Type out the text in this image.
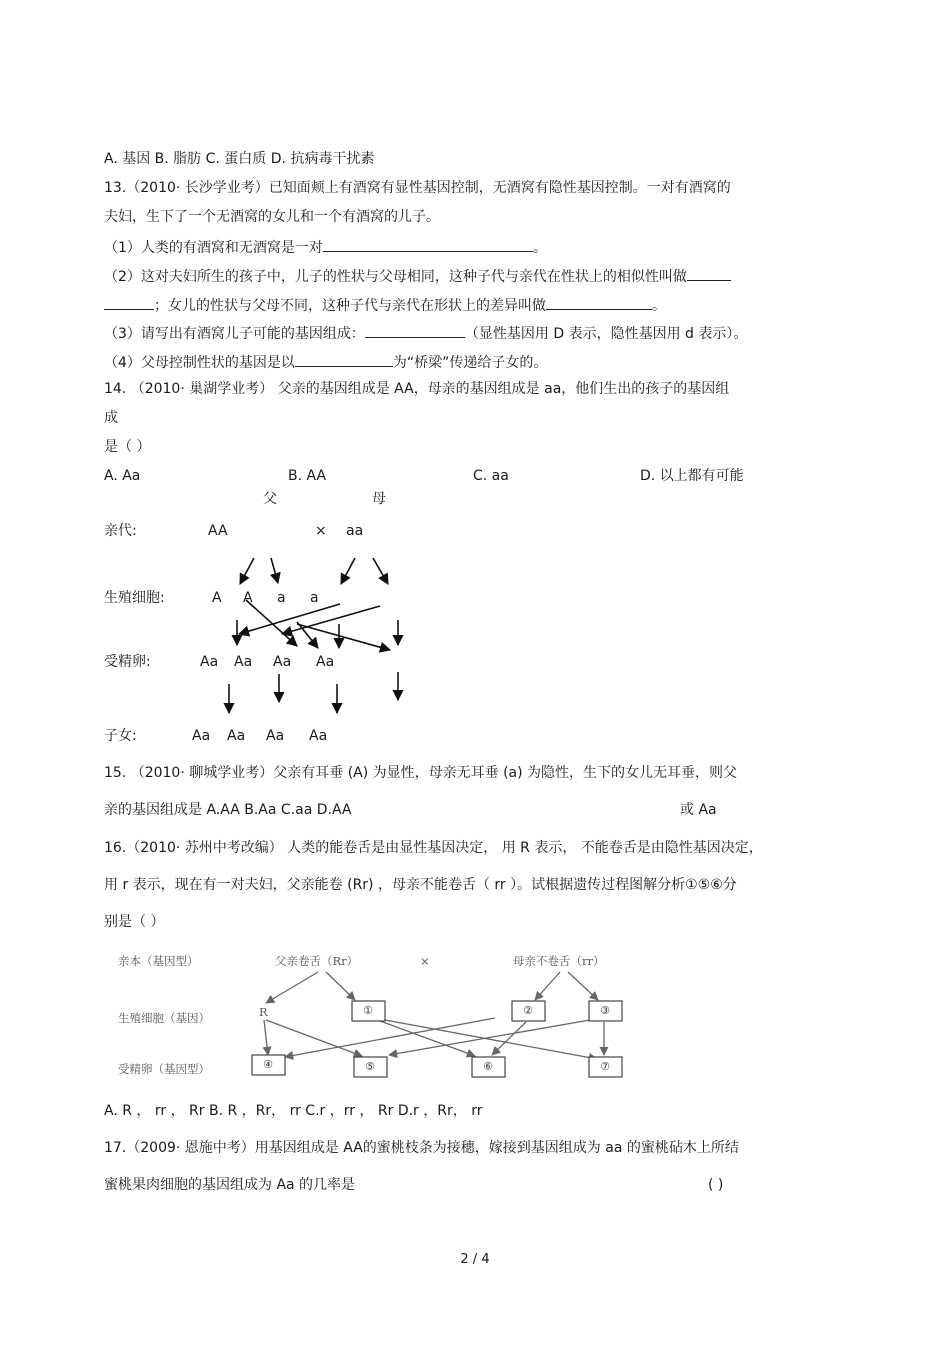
A. 基因 B. 脂肪 C. 蛋白质 D. 抗病毒干扰素
13.（2010· 长沙学业考）已知面颊上有酒窝有显性基因控制，无酒窝有隐性基因控制。一对有酒窝的
夫妇，生下了一个无酒窝的女儿和一个有酒窝的儿子。
（1）人类的有酒窝和无酒窝是一对	。
（2）这对夫妇所生的孩子中，儿子的性状与父母相同，这种子代与亲代在性状上的相似性叫做
；女儿的性状与父母不同，这种子代与亲代在形状上的差异叫做	。
（3）请写出有酒窝儿子可能的基因组成：	（显性基因用 D 表示，隐性基因用 d 表示）。
（4）父母控制性状的基因是以	为“桥梁”传递给子女的。
14. （2010· 巢湖学业考） 父亲的基因组成是 AA，母亲的基因组成是 aa，他们生出的孩子的基因组
成
是（ ）
A. Aa	B. AA	C. aa	D. 以上都有可能
父	母
亲代:	AA	× aa
生殖细胞:	A A a a
受精卵:	Aa Aa Aa Aa
子女:	Aa Aa Aa Aa
亲本（基因型）	父亲卷舌（Rr）	×	母亲不卷舌（rr）
生殖细胞（基因）	R
受精卵（基因型）
①	②	③
④	⑤	⑥	⑦
15. （2010· 聊城学业考）父亲有耳垂 (A) 为显性，母亲无耳垂 (a) 为隐性，生下的女儿无耳垂，则父
亲的基因组成是 A.AA B.Aa C.aa D.AA	或 Aa
16.（2010· 苏州中考改编） 人类的能卷舌是由显性基因决定， 用 R 表示， 不能卷舌是由隐性基因决定，
用 r 表示，现在有一对夫妇，父亲能卷 (Rr) ，母亲不能卷舌（ rr ）。试根据遗传过程图解分析①⑤⑥分
别是（ ）
A. R ， rr ， Rr B. R ，Rr， rr C.r ，rr ， Rr D.r ，Rr， rr
17.（2009· 恩施中考）用基因组成是 AA的蜜桃枝条为接穗，嫁接到基因组成为 aa 的蜜桃砧木上所结
蜜桃果肉细胞的基因组成为 Aa 的几率是	( )
2 / 4
